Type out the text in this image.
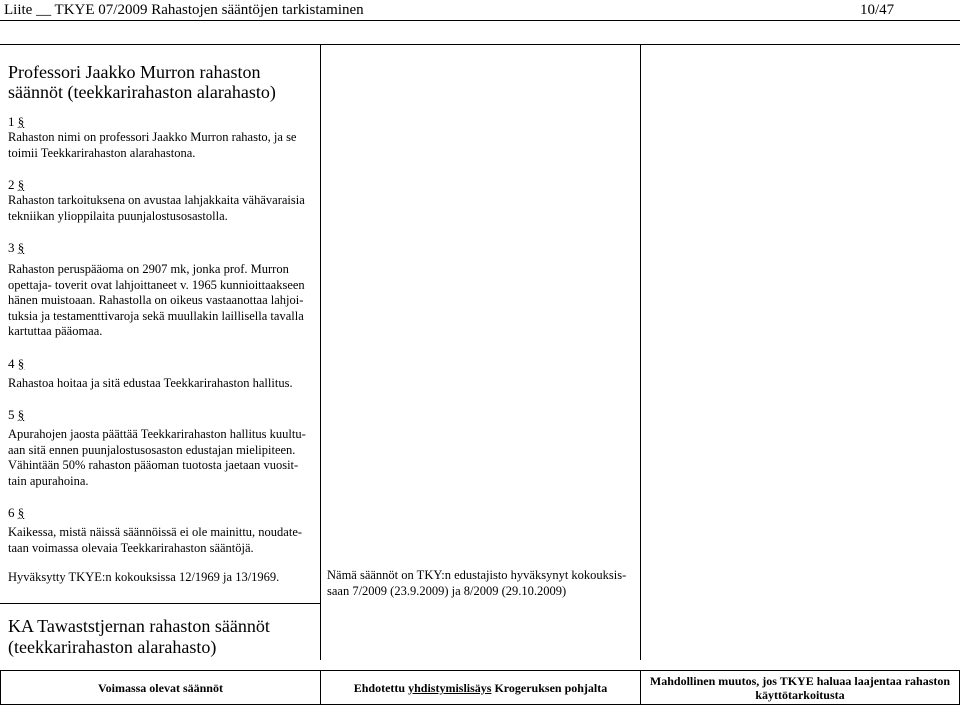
Liite __ TKYE 07/2009 Rahastojen sääntöjen tarkistaminen	10/47

Professori Jaakko Murron rahaston
säännöt (teekkarirahaston alarahasto)

1 §

Rahaston nimi on professori Jaakko Murron rahasto, ja se
toimii Teekkarirahaston alarahastona.

2 §

Rahaston tarkoituksena on avustaa lahjakkaita vähävaraisia
tekniikan ylioppilaita puunjalostusosastolla.

3 §

Rahaston peruspääoma on 2907 mk, jonka prof. Murron
opettaja- toverit ovat lahjoittaneet v. 1965 kunnioittaakseen
hänen muistoaan. Rahastolla on oikeus vastaanottaa lahjoi-
tuksia ja testamenttivaroja sekä muullakin laillisella tavalla
kartuttaa pääomaa.

4 §

Rahastoa hoitaa ja sitä edustaa Teekkarirahaston hallitus.

5 §

Apurahojen jaosta päättää Teekkarirahaston hallitus kuultu-
aan sitä ennen puunjalostusosaston edustajan mielipiteen.
Vähintään 50% rahaston pääoman tuotosta jaetaan vuosit-
tain apurahoina.

6 §

Kaikessa, mistä näissä säännöissä ei ole mainittu, noudate-
taan voimassa olevaia Teekkarirahaston sääntöjä.

Hyväksytty TKYE:n kokouksissa 12/1969 ja 13/1969.	Nämä säännöt on TKY:n edustajisto hyväksynyt kokouksis-
saan 7/2009 (23.9.2009) ja 8/2009 (29.10.2009)

KA Tawaststjernan rahaston säännöt
(teekkarirahaston alarahasto)

Voimassa olevat säännöt	Ehdotettu yhdistymislisäys Krogeruksen pohjalta	Mahdollinen muutos, jos TKYE haluaa laajentaa rahaston
käyttötarkoitusta
